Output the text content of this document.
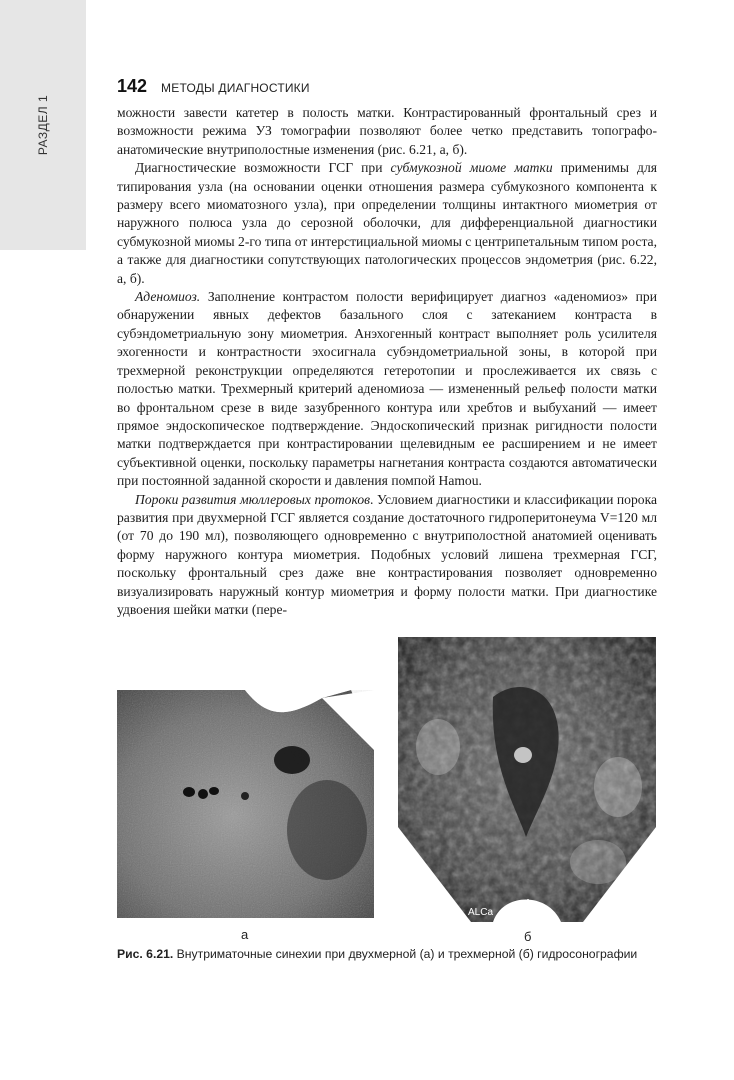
РАЗДЕЛ 1
142 МЕТОДЫ ДИАГНОСТИКИ

можности завести катетер в полость матки. Контрастированный фронтальный срез и возможности режима УЗ томографии позволяют более четко представить топографо-анатомические внутриполостные изменения (рис. 6.21, а, б).

Диагностические возможности ГСГ при субмукозной миоме матки применимы для типирования узла (на основании оценки отношения размера субмукозного компонента к размеру всего миоматозного узла), при определении толщины интактного миометрия от наружного полюса узла до серозной оболочки, для дифференциальной диагностики субмукозной миомы 2-го типа от интерстициальной миомы с центрипетальным типом роста, а также для диагностики сопутствующих патологических процессов эндометрия (рис. 6.22, а, б).

Аденомиоз. Заполнение контрастом полости верифицирует диагноз «аденомиоз» при обнаружении явных дефектов базального слоя с затеканием контраста в субэндометриальную зону миометрия. Анэхогенный контраст выполняет роль усилителя эхогенности и контрастности эхосигнала субэндометриальной зоны, в которой при трехмерной реконструкции определяются гетеротопии и прослеживается их связь с полостью матки. Трехмерный критерий аденомиоза — измененный рельеф полости матки во фронтальном срезе в виде зазубренного контура или хребтов и выбуханий — имеет прямое эндоскопическое подтверждение. Эндоскопический признак ригидности полости матки подтверждается при контрастировании щелевидным ее расширением и не имеет субъективной оценки, поскольку параметры нагнетания контраста создаются автоматически при постоянной заданной скорости и давления помпой Hamou.

Пороки развития мюллеровых протоков. Условием диагностики и классификации порока развития при двухмерной ГСГ является создание достаточного гидроперитонеума V=120 мл (от 70 до 190 мл), позволяющего одновременно с внутриполостной анатомией оценивать форму наружного контура миометрия. Подобных условий лишена трехмерная ГСГ, поскольку фронтальный срез даже вне контрастирования позволяет одновременно визуализировать наружный контур миометрия и форму полости матки. При диагностике удвоения шейки матки (пере-

а
ALCa
б
Рис. 6.21. Внутриматочные синехии при двухмерной (а) и трехмерной (б) гидросонографии
